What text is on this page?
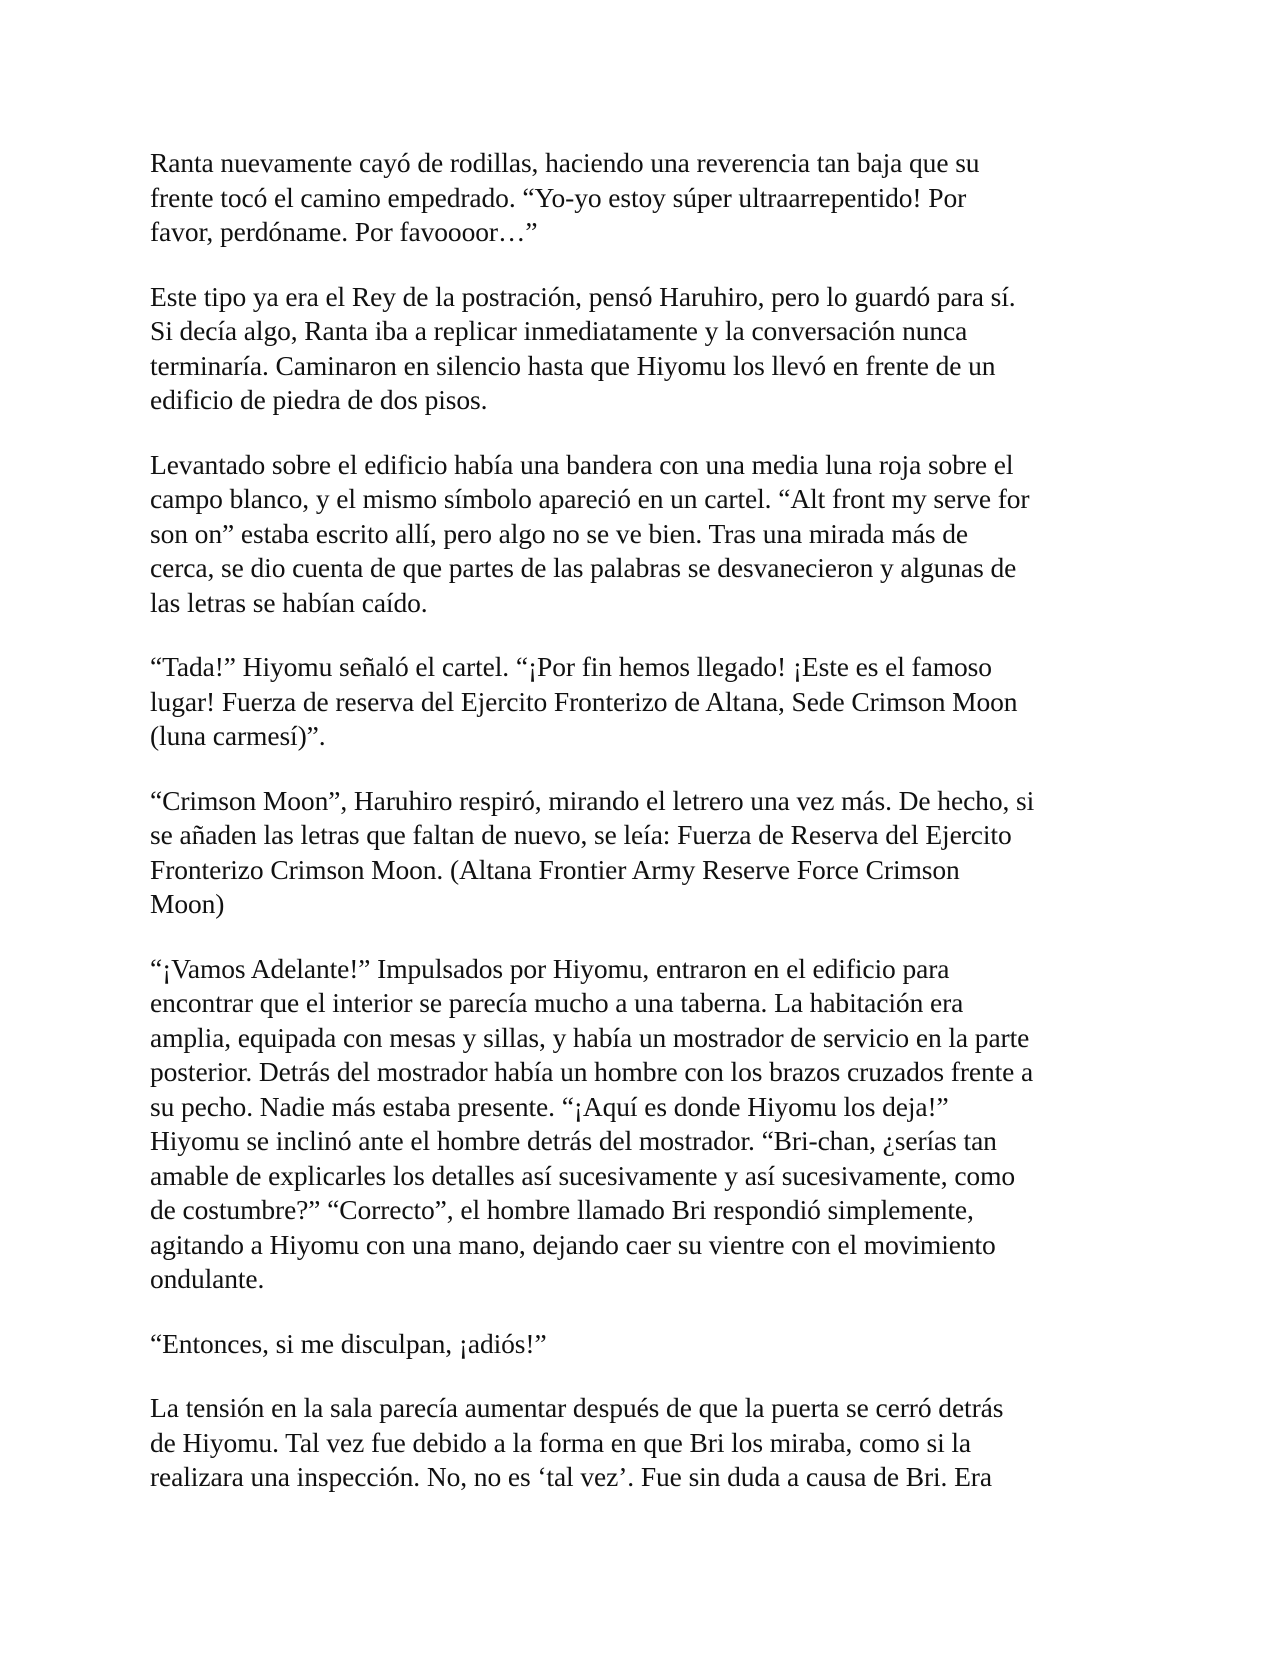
Ranta nuevamente cayó de rodillas, haciendo una reverencia tan baja que su
frente tocó el camino empedrado. “Yo-yo estoy súper ultraarrepentido! Por
favor, perdóname. Por favoooor…”

Este tipo ya era el Rey de la postración, pensó Haruhiro, pero lo guardó para sí.
Si decía algo, Ranta iba a replicar inmediatamente y la conversación nunca
terminaría. Caminaron en silencio hasta que Hiyomu los llevó en frente de un
edificio de piedra de dos pisos.

Levantado sobre el edificio había una bandera con una media luna roja sobre el
campo blanco, y el mismo símbolo apareció en un cartel. “Alt front my serve for
son on” estaba escrito allí, pero algo no se ve bien. Tras una mirada más de
cerca, se dio cuenta de que partes de las palabras se desvanecieron y algunas de
las letras se habían caído.

“Tada!” Hiyomu señaló el cartel. “¡Por fin hemos llegado! ¡Este es el famoso
lugar! Fuerza de reserva del Ejercito Fronterizo de Altana, Sede Crimson Moon
(luna carmesí)”.

“Crimson Moon”, Haruhiro respiró, mirando el letrero una vez más. De hecho, si
se añaden las letras que faltan de nuevo, se leía: Fuerza de Reserva del Ejercito
Fronterizo Crimson Moon. (Altana Frontier Army Reserve Force Crimson
Moon)

“¡Vamos Adelante!” Impulsados por Hiyomu, entraron en el edificio para
encontrar que el interior se parecía mucho a una taberna. La habitación era
amplia, equipada con mesas y sillas, y había un mostrador de servicio en la parte
posterior. Detrás del mostrador había un hombre con los brazos cruzados frente a
su pecho. Nadie más estaba presente. “¡Aquí es donde Hiyomu los deja!”
Hiyomu se inclinó ante el hombre detrás del mostrador. “Bri-chan, ¿serías tan
amable de explicarles los detalles así sucesivamente y así sucesivamente, como
de costumbre?” “Correcto”, el hombre llamado Bri respondió simplemente,
agitando a Hiyomu con una mano, dejando caer su vientre con el movimiento
ondulante.

“Entonces, si me disculpan, ¡adiós!”

La tensión en la sala parecía aumentar después de que la puerta se cerró detrás
de Hiyomu. Tal vez fue debido a la forma en que Bri los miraba, como si la
realizara una inspección. No, no es ‘tal vez’. Fue sin duda a causa de Bri. Era
